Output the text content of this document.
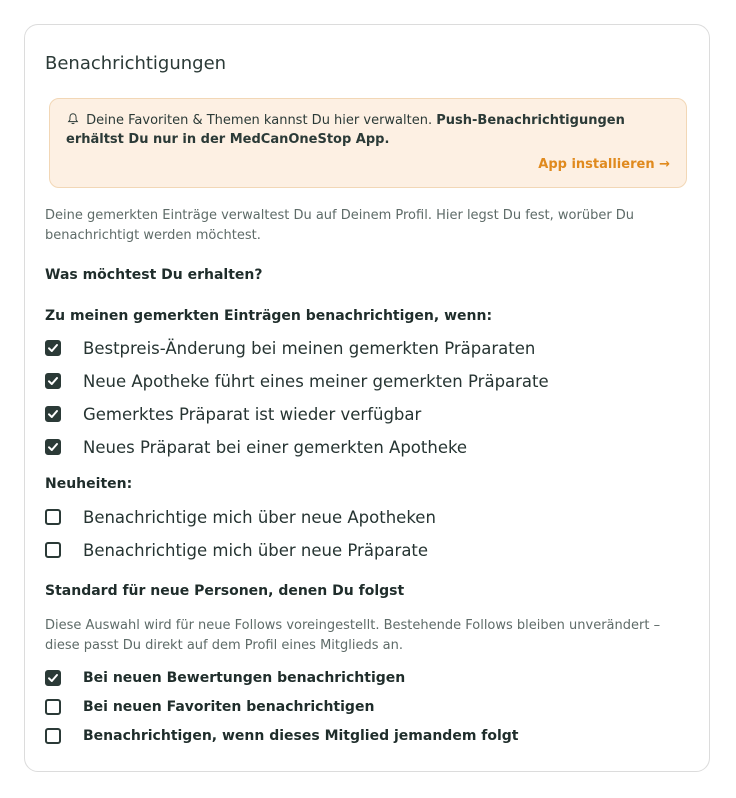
Benachrichtigungen
Deine Favoriten & Themen kannst Du hier verwalten. Push-Benachrichtigungen erhältst Du nur in der MedCanOneStop App.
App installieren →
Deine gemerkten Einträge verwaltest Du auf Deinem Profil. Hier legst Du fest, worüber Du benachrichtigt werden möchtest.
Was möchtest Du erhalten?
Zu meinen gemerkten Einträgen benachrichtigen, wenn:
Bestpreis-Änderung bei meinen gemerkten Präparaten
Neue Apotheke führt eines meiner gemerkten Präparate
Gemerktes Präparat ist wieder verfügbar
Neues Präparat bei einer gemerkten Apotheke
Neuheiten:
Benachrichtige mich über neue Apotheken
Benachrichtige mich über neue Präparate
Standard für neue Personen, denen Du folgst
Diese Auswahl wird für neue Follows voreingestellt. Bestehende Follows bleiben unverändert – diese passt Du direkt auf dem Profil eines Mitglieds an.
Bei neuen Bewertungen benachrichtigen
Bei neuen Favoriten benachrichtigen
Benachrichtigen, wenn dieses Mitglied jemandem folgt
